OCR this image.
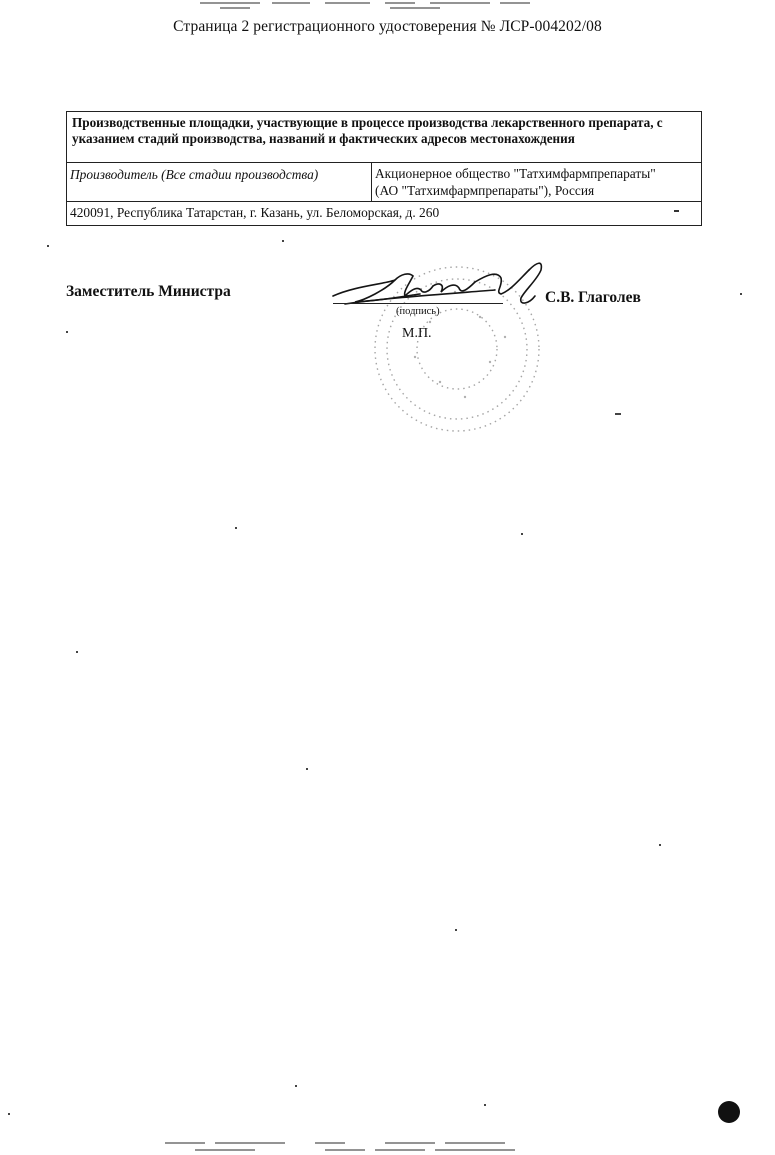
Страница 2 регистрационного удостоверения № ЛСР-004202/08
Производственные площадки, участвующие в процессе производства лекарственного препарата, с указанием стадий производства, названий и фактических адресов местонахождения
Производитель (Все стадии производства)	Акционерное общество "Татхимфармпрепараты"
(АО "Татхимфармпрепараты"), Россия
420091, Республика Татарстан, г. Казань, ул. Беломорская, д. 260
Заместитель Министра
(подпись)
М.П.
С.В. Глаголев
